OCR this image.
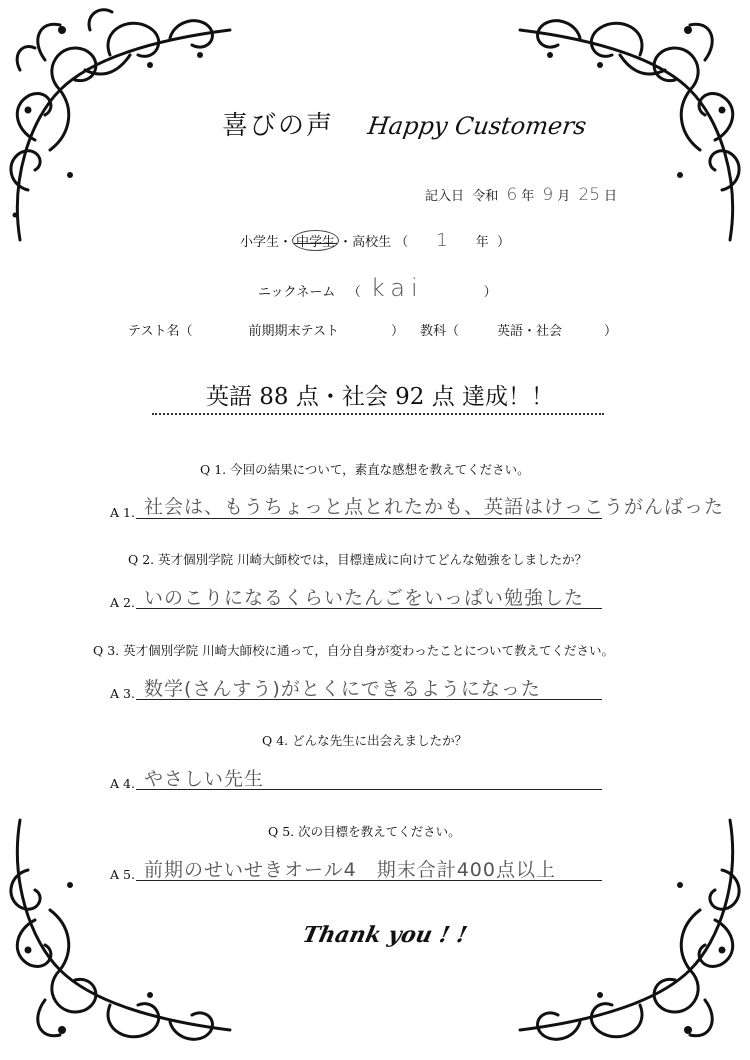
喜びの声 Happy Customers
記入日 令和 6 年 9 月 25 日
小学生・ 中学生 ・高校生 （ 1 年 ）
ニックネーム （ kai	）
テスト名（	前期期末テスト	） 教科（	英語・社会	）
英語 88 点・社会 92 点 達成！！
Q 1. 今回の結果について，素直な感想を教えてください。
A 1. 社会は、もうちょっと点とれたかも、英語はけっこうがんばった
Q 2. 英才個別学院 川崎大師校では，目標達成に向けてどんな勉強をしましたか？
A 2. いのこりになるくらいたんごをいっぱい勉強した
Q 3. 英才個別学院 川崎大師校に通って，自分自身が変わったことについて教えてください。
A 3. 数学(さんすう)がとくにできるようになった
Q 4. どんな先生に出会えましたか？
A 4. やさしい先生
Q 5. 次の目標を教えてください。
A 5. 前期のせいせきオール4　期末合計400点以上
Thank you ! !
